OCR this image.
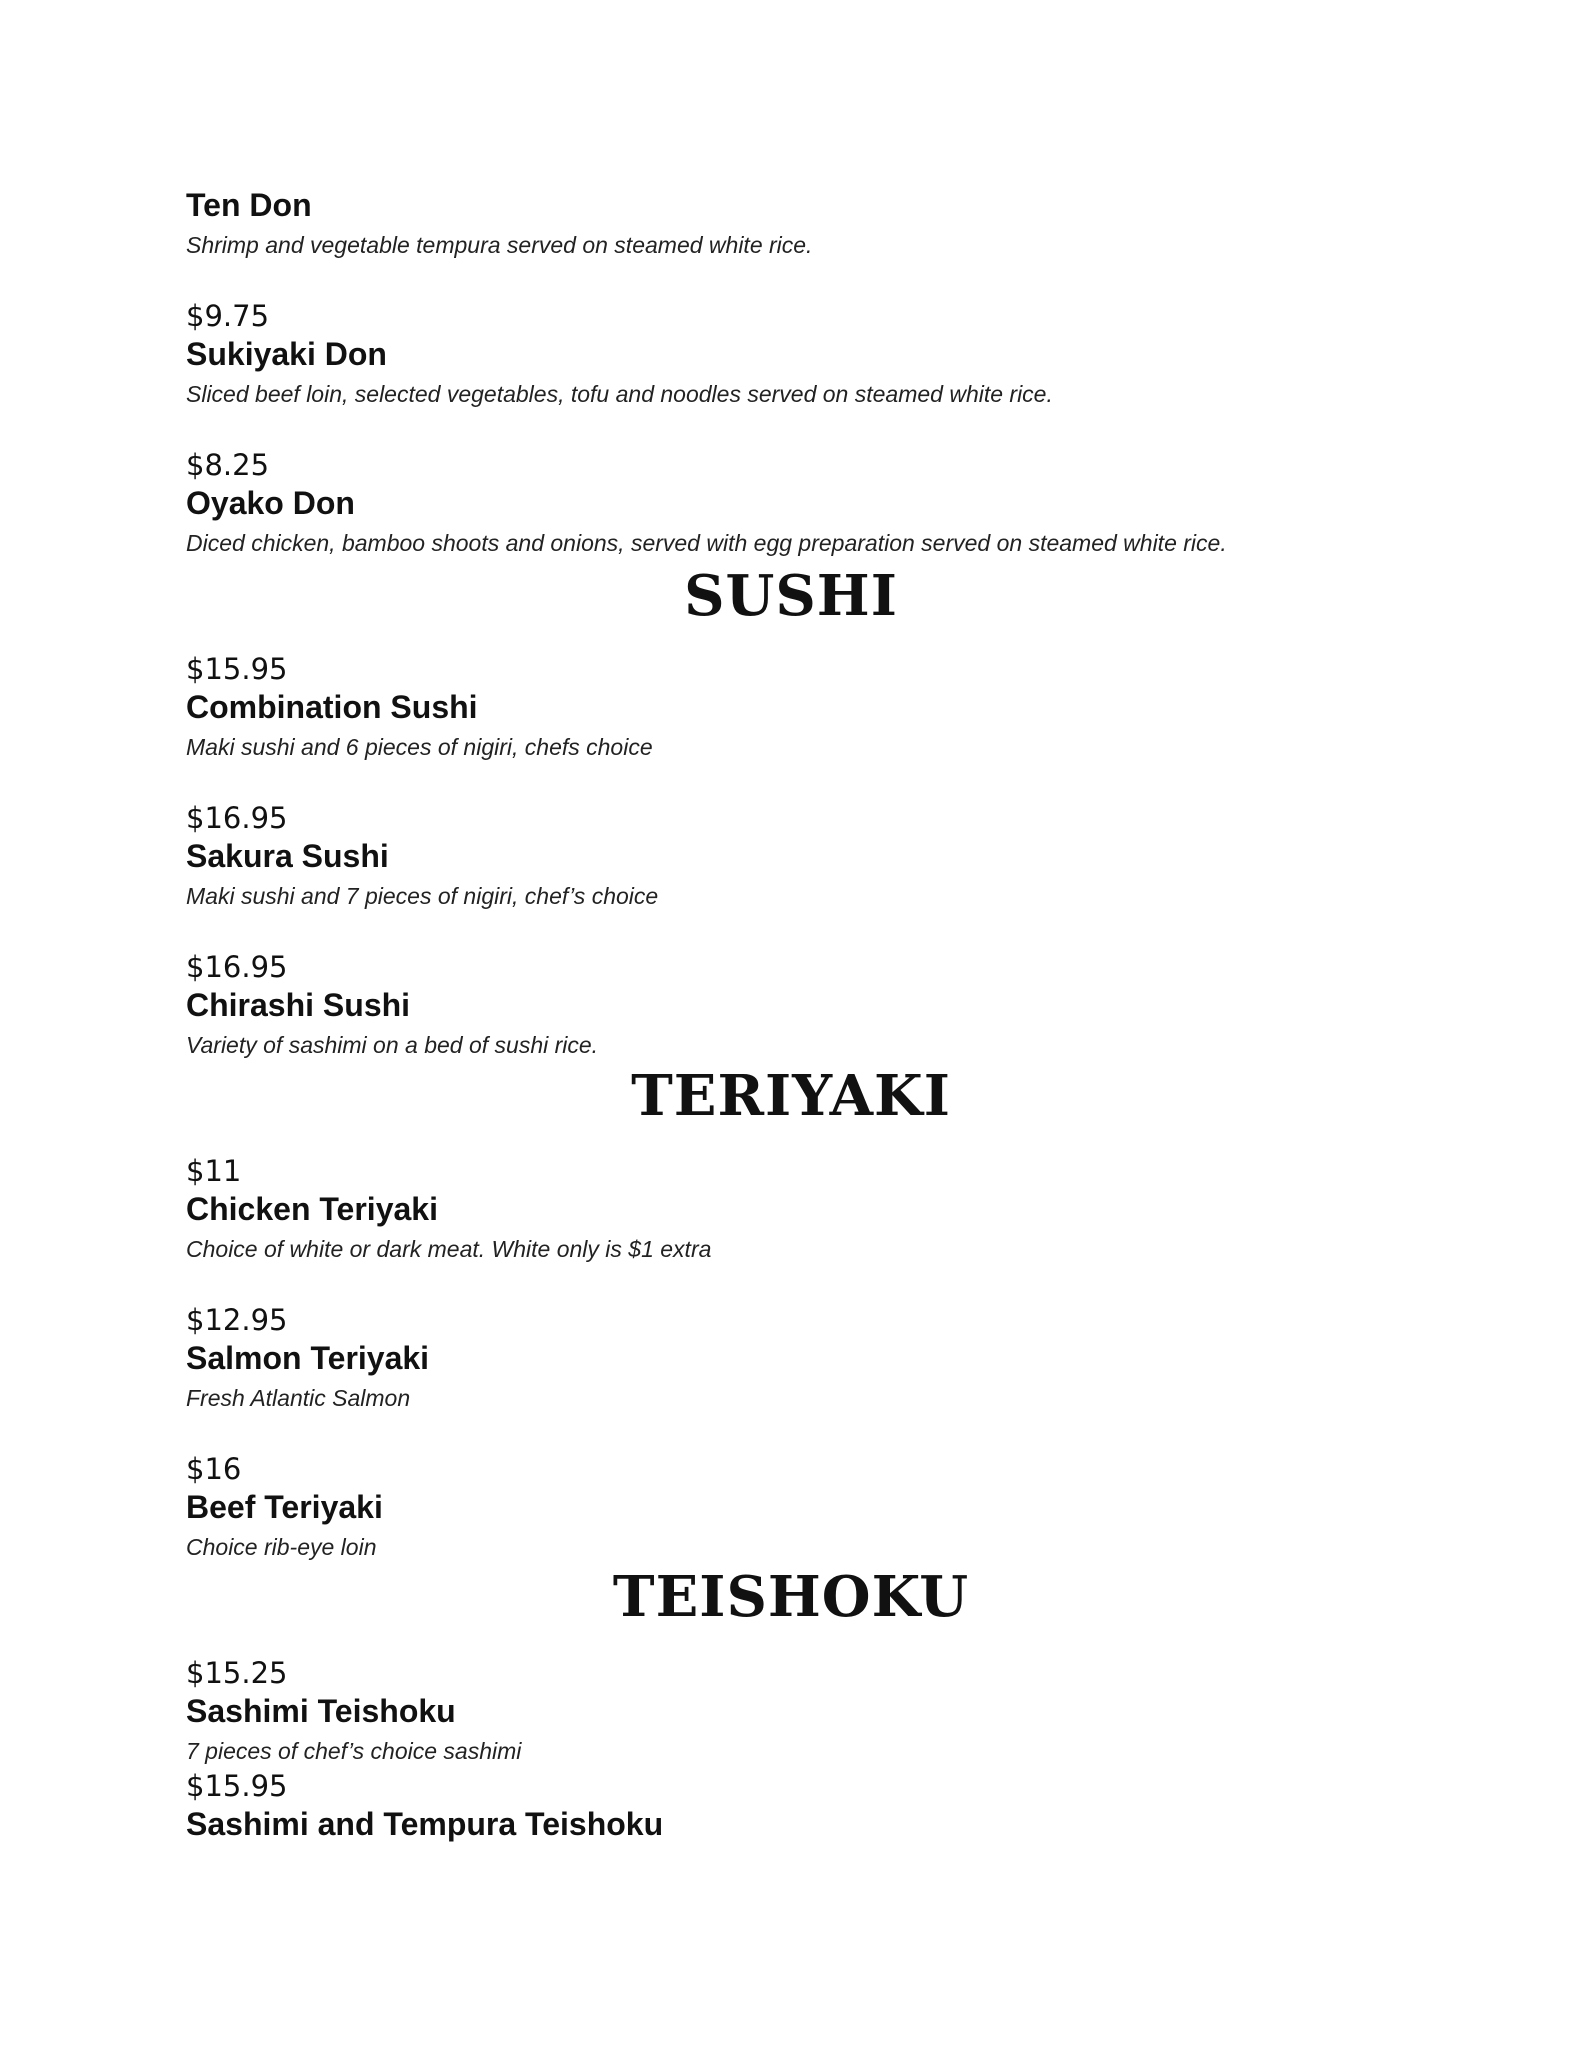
Ten Don
Shrimp and vegetable tempura served on steamed white rice.
$9.75
Sukiyaki Don
Sliced beef loin, selected vegetables, tofu and noodles served on steamed white rice.
$8.25
Oyako Don
Diced chicken, bamboo shoots and onions, served with egg preparation served on steamed white rice.
SUSHI
$15.95
Combination Sushi
Maki sushi and 6 pieces of nigiri, chefs choice
$16.95
Sakura Sushi
Maki sushi and 7 pieces of nigiri, chef’s choice
$16.95
Chirashi Sushi
Variety of sashimi on a bed of sushi rice.
TERIYAKI
$11
Chicken Teriyaki
Choice of white or dark meat. White only is $1 extra
$12.95
Salmon Teriyaki
Fresh Atlantic Salmon
$16
Beef Teriyaki
Choice rib-eye loin
TEISHOKU
$15.25
Sashimi Teishoku
7 pieces of chef’s choice sashimi
$15.95
Sashimi and Tempura Teishoku
